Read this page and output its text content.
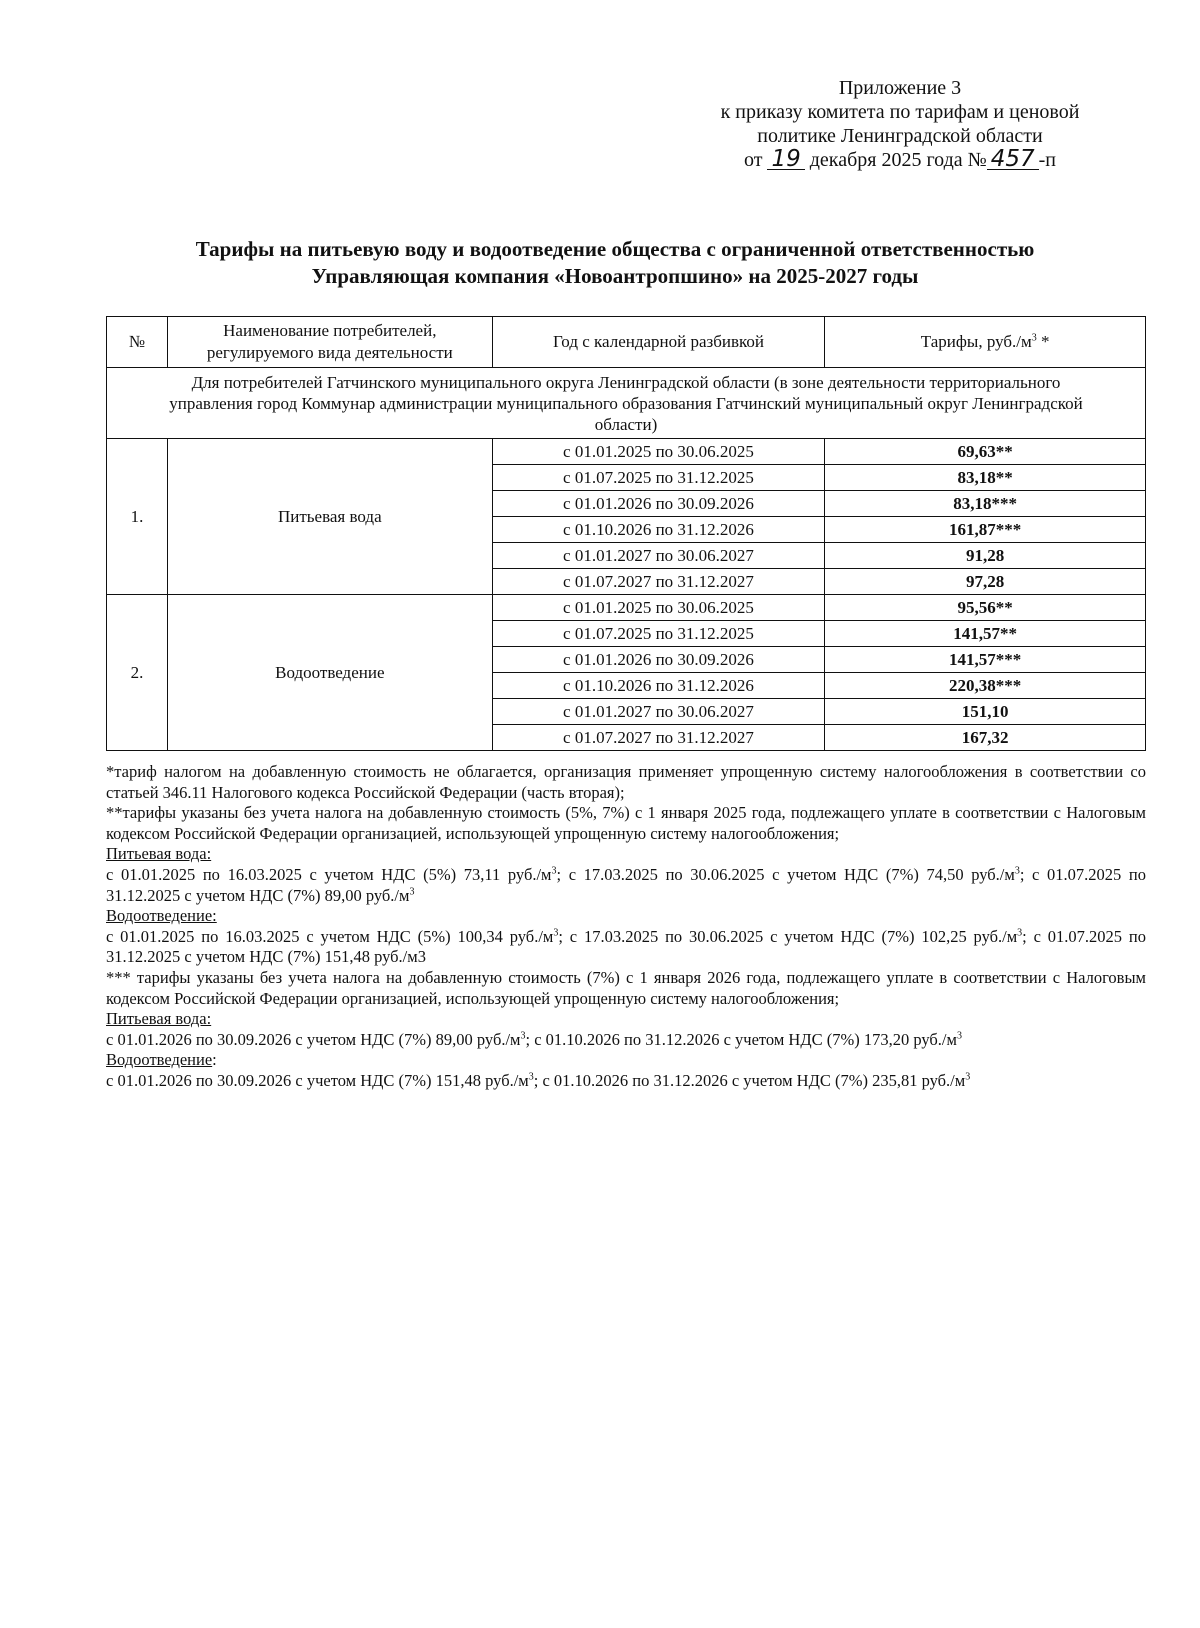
Приложение 3
к приказу комитета по тарифам и ценовой
политике Ленинградской области
от 19 декабря 2025 года № 457 -п
Тарифы на питьевую воду и водоотведение общества с ограниченной ответственностью
Управляющая компания «Новоантропшино» на 2025-2027 годы
№	Наименование потребителей, регулируемого вида деятельности	Год с календарной разбивкой	Тарифы, $руб./м^3$ *
Для потребителей Гатчинского муниципального округа Ленинградской области (в зоне деятельности территориального управления город Коммунар администрации муниципального образования Гатчинский муниципальный округ Ленинградской области)			
1.	Питьевая вода	с 01.01.2025 по 30.06.2025	69,63**
		с 01.07.2025 по 31.12.2025	83,18**
		с 01.01.2026 по 30.09.2026	83,18***
		с 01.10.2026 по 31.12.2026	161,87***
		с 01.01.2027 по 30.06.2027	91,28
		с 01.07.2027 по 31.12.2027	97,28
2.	Водоотведение	с 01.01.2025 по 30.06.2025	95,56**
		с 01.07.2025 по 31.12.2025	141,57**
		с 01.01.2026 по 30.09.2026	141,57***
		с 01.10.2026 по 31.12.2026	220,38***
		с 01.01.2027 по 30.06.2027	151,10
		с 01.07.2027 по 31.12.2027	167,32

*тариф налогом на добавленную стоимость не облагается, организация применяет упрощенную систему налогообложения в соответствии со статьей 346.11 Налогового кодекса Российской Федерации (часть вторая);

**тарифы указаны без учета налога на добавленную стоимость (5%, 7%) с 1 января 2025 года, подлежащего уплате в соответствии с Налоговым кодексом Российской Федерации организацией, использующей упрощенную систему налогообложения;

Питьевая вода:

с 01.01.2025 по 16.03.2025 с учетом НДС (5%) 73,11 $руб./м^3$; с 17.03.2025 по 30.06.2025 с учетом НДС (7%) 74,50 $руб./м^3$; с 01.07.2025 по 31.12.2025 с учетом НДС (7%) 89,00 $руб./м^3$

Водоотведение:

с 01.01.2025 по 16.03.2025 с учетом НДС (5%) 100,34 $руб./м^3$; с 17.03.2025 по 30.06.2025 с учетом НДС (7%) 102,25 $руб./м^3$; с 01.07.2025 по 31.12.2025 с учетом НДС (7%) 151,48 руб./м3

*** тарифы указаны без учета налога на добавленную стоимость (7%) с 1 января 2026 года, подлежащего уплате в соответствии с Налоговым кодексом Российской Федерации организацией, использующей упрощенную систему налогообложения;

Питьевая вода:

с 01.01.2026 по 30.09.2026 с учетом НДС (7%) 89,00 $руб./м^3$; с 01.10.2026 по 31.12.2026 с учетом НДС (7%) 173,20 $руб./м^3$

Водоотведение:

с 01.01.2026 по 30.09.2026 с учетом НДС (7%) 151,48 $руб./м^3$; с 01.10.2026 по 31.12.2026 с учетом НДС (7%) 235,81 $руб./м^3$
